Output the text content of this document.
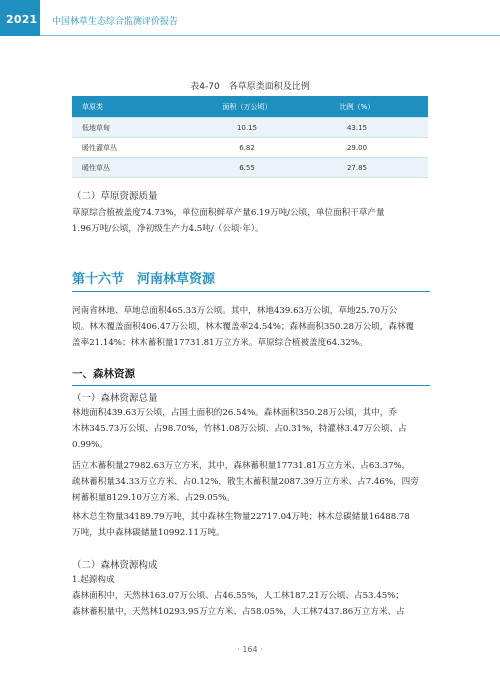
2021 中国林草生态综合监测评价报告
表4-70　各草原类面积及比例
草原类	面积（万公顷）	比例（%）
低地草甸	10.15	43.15
暖性灌草丛	6.82	29.00
暖性草丛	6.55	27.85
（二）草原资源质量
草原综合植被盖度74.73%，单位面积鲜草产量6.19万吨/公顷，单位面积干草产量
1.96万吨/公顷，净初级生产力4.5吨/（公顷·年）。
第十六节　河南林草资源
河南省林地、草地总面积465.33万公顷。其中，林地439.63万公顷，草地25.70万公
顷。林木覆盖面积406.47万公顷，林木覆盖率24.54%；森林面积350.28万公顷，森林覆
盖率21.14%；林木蓄积量17731.81万立方米。草原综合植被盖度64.32%。
一、森林资源
（一）森林资源总量
林地面积439.63万公顷，占国土面积的26.54%。森林面积350.28万公顷，其中，乔
木林345.73万公顷、占98.70%，竹林1.08万公顷、占0.31%，特灌林3.47万公顷、占
0.99%。
活立木蓄积量27982.63万立方米，其中，森林蓄积量17731.81万立方米、占63.37%，
疏林蓄积量34.33万立方米、占0.12%，散生木蓄积量2087.39万立方米、占7.46%，四旁
树蓄积量8129.10万立方米、占29.05%。
林木总生物量34189.79万吨，其中森林生物量22717.04万吨；林木总碳储量16488.78
万吨，其中森林碳储量10992.11万吨。
（二）森林资源构成
1.起源构成
森林面积中，天然林163.07万公顷、占46.55%，人工林187.21万公顷、占53.45%；
森林蓄积量中，天然林10293.95万立方米、占58.05%，人工林7437.86万立方米、占
· 164 ·
